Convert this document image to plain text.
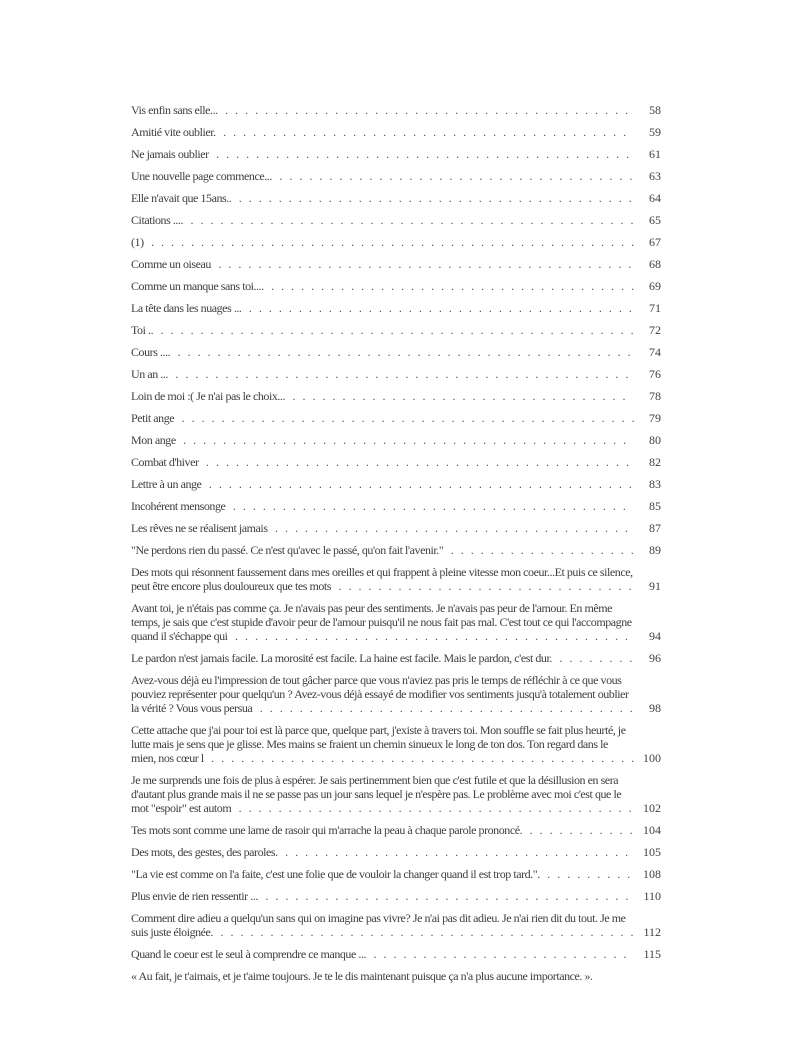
Vis enfin sans elle... . . . . . . . . . . . . . . . . . . . . . . . . . . . . . . . . . . . . . . . . . 58
Amitié vite oublier. . . . . . . . . . . . . . . . . . . . . . . . . . . . . . . . . . . . . . . . . . 59
Ne jamais oublier . . . . . . . . . . . . . . . . . . . . . . . . . . . . . . . . . . . . . . . . . . 61
Une nouvelle page commence... . . . . . . . . . . . . . . . . . . . . . . . . . . . . . . . . . . . . 63
Elle n'avait que 15ans.. . . . . . . . . . . . . . . . . . . . . . . . . . . . . . . . . . . . . . . . . 64
Citations .... . . . . . . . . . . . . . . . . . . . . . . . . . . . . . . . . . . . . . . . . . . . . . 65
(1) . . . . . . . . . . . . . . . . . . . . . . . . . . . . . . . . . . . . . . . . . . . . . . . . . 67
Comme un oiseau . . . . . . . . . . . . . . . . . . . . . . . . . . . . . . . . . . . . . . . . . . 68
Comme un manque sans toi.... . . . . . . . . . . . . . . . . . . . . . . . . . . . . . . . . . . . . . 69
La tête dans les nuages ... . . . . . . . . . . . . . . . . . . . . . . . . . . . . . . . . . . . . . . . 71
Toi .. . . . . . . . . . . . . . . . . . . . . . . . . . . . . . . . . . . . . . . . . . . . . . . . . 72
Cours .... . . . . . . . . . . . . . . . . . . . . . . . . . . . . . . . . . . . . . . . . . . . . . . 74
Un an ... . . . . . . . . . . . . . . . . . . . . . . . . . . . . . . . . . . . . . . . . . . . . . . 76
Loin de moi :( Je n'ai pas le choix... . . . . . . . . . . . . . . . . . . . . . . . . . . . . . . . . . . 78
Petit ange . . . . . . . . . . . . . . . . . . . . . . . . . . . . . . . . . . . . . . . . . . . . . . 79
Mon ange . . . . . . . . . . . . . . . . . . . . . . . . . . . . . . . . . . . . . . . . . . . . . 80
Combat d'hiver . . . . . . . . . . . . . . . . . . . . . . . . . . . . . . . . . . . . . . . . . . . 82
Lettre à un ange . . . . . . . . . . . . . . . . . . . . . . . . . . . . . . . . . . . . . . . . . . . 83
Incohérent mensonge . . . . . . . . . . . . . . . . . . . . . . . . . . . . . . . . . . . . . . . . 85
Les rêves ne se réalisent jamais . . . . . . . . . . . . . . . . . . . . . . . . . . . . . . . . . . . . 87
"Ne perdons rien du passé. Ce n'est qu'avec le passé, qu'on fait l'avenir." . . . . . . . . . . . . . . . . . . . 89
Des mots qui résonnent faussement dans mes oreilles et qui frappent à pleine vitesse mon coeur...Et puis ce silence, peut être encore plus douloureux que tes mots . . . . . . . . . . . . . . . . . . . . . . . . . . . . . . 91
Avant toi, je n'étais pas comme ça. Je n'avais pas peur des sentiments. Je n'avais pas peur de l'amour. En même temps, je sais que c'est stupide d'avoir peur de l'amour puisqu'il ne nous fait pas mal. C'est tout ce qui l'accompagne quand il s'échappe qui . . . . . . . . . . . . . . . . . . . . . . . . . . . . . . . . . . . . . . . . 94
Le pardon n'est jamais facile. La morosité est facile. La haine est facile. Mais le pardon, c'est dur. . . . . . . . . 96
Avez-vous déjà eu l'impression de tout gâcher parce que vous n'aviez pas pris le temps de réfléchir à ce que vous pouviez représenter pour quelqu'un ? Avez-vous déjà essayé de modifier vos sentiments jusqu'à totalement oublier la vérité ? Vous vous persua . . . . . . . . . . . . . . . . . . . . . . . . . . . . . . . . . . . . . . 98
Cette attache que j'ai pour toi est là parce que, quelque part, j'existe à travers toi. Mon souffle se fait plus heurté, je lutte mais je sens que je glisse. Mes mains se fraient un chemin sinueux le long de ton dos. Ton regard dans le mien, nos cœur l . . . . . . . . . . . . . . . . . . . . . . . . . . . . . . . . . . . . . . . . . . . 100
Je me surprends une fois de plus à espérer. Je sais pertinemment bien que c'est futile et que la désillusion en sera d'autant plus grande mais il ne se passe pas un jour sans lequel je n'espère pas. Le problème avec moi c'est que le mot "espoir" est autom . . . . . . . . . . . . . . . . . . . . . . . . . . . . . . . . . . . . . . . . 102
Tes mots sont comme une lame de rasoir qui m'arrache la peau à chaque parole prononcé. . . . . . . . . . . . 104
Des mots, des gestes, des paroles. . . . . . . . . . . . . . . . . . . . . . . . . . . . . . . . . . . . 105
"La vie est comme on l'a faite, c'est une folie que de vouloir la changer quand il est trop tard.". . . . . . . . . . 108
Plus envie de rien ressentir ... . . . . . . . . . . . . . . . . . . . . . . . . . . . . . . . . . . . . . 110
Comment dire adieu a quelqu'un sans qui on imagine pas vivre? Je n'ai pas dit adieu. Je n'ai rien dit du tout. Je me suis juste éloignée. . . . . . . . . . . . . . . . . . . . . . . . . . . . . . . . . . . . . . . . . . . 112
Quand le coeur est le seul à comprendre ce manque ... . . . . . . . . . . . . . . . . . . . . . . . . . . 115
« Au fait, je t'aimais, et je t'aime toujours. Je te le dis maintenant puisque ça n'a plus aucune importance. ».
